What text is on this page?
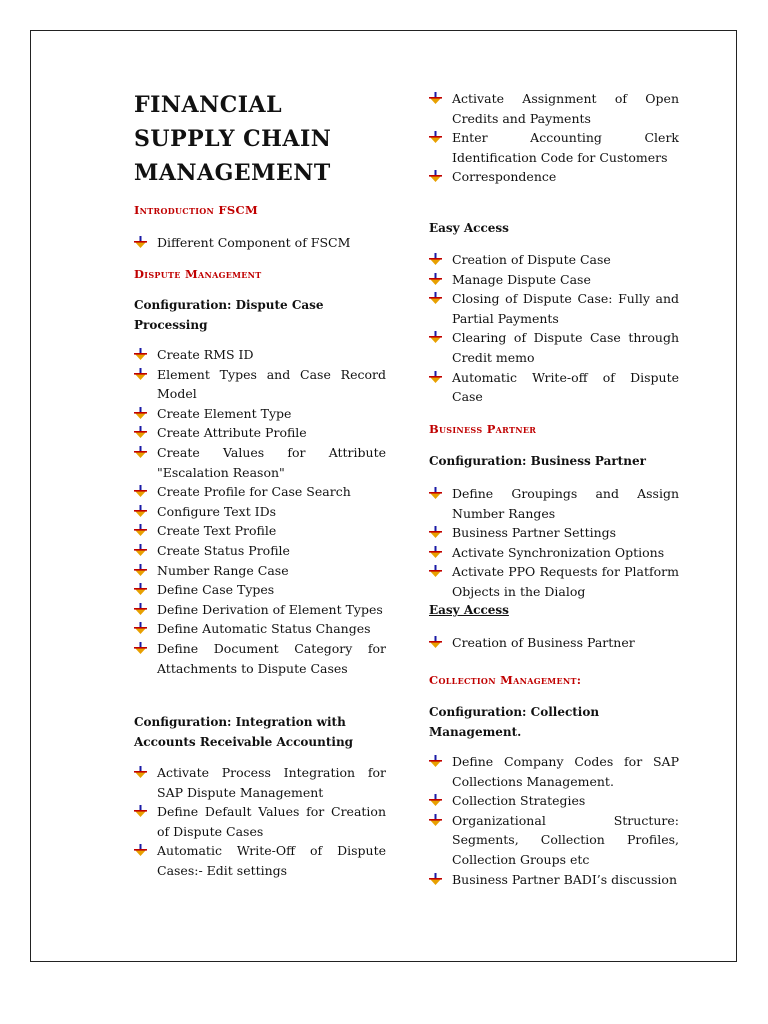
FINANCIAL
SUPPLY CHAIN
MANAGEMENT

Introduction FSCM

Different Component of FSCM

Dispute Management

Configuration: Dispute Case Processing

Create RMS ID
Element Types and Case Record Model
Create Element Type
Create Attribute Profile
Create Values for Attribute "Escalation Reason"
Create Profile for Case Search
Configure Text IDs
Create Text Profile
Create Status Profile
Number Range Case
Define Case Types
Define Derivation of Element Types
Define Automatic Status Changes
Define Document Category for Attachments to Dispute Cases

Configuration: Integration with Accounts Receivable Accounting

Activate Process Integration for SAP Dispute Management
Define Default Values for Creation of Dispute Cases
Automatic Write-Off of Dispute Cases:- Edit settings
Activate Assignment of Open Credits and Payments
Enter Accounting Clerk Identification Code for Customers
Correspondence

Easy Access

Creation of Dispute Case
Manage Dispute Case
Closing of Dispute Case: Fully and Partial Payments
Clearing of Dispute Case through Credit memo
Automatic Write-off of Dispute Case

Business Partner

Configuration: Business Partner

Define Groupings and Assign Number Ranges
Business Partner Settings
Activate Synchronization Options
Activate PPO Requests for Platform Objects in the Dialog

Easy Access

Creation of Business Partner

Collection Management:

Configuration: Collection Management.

Define Company Codes for SAP Collections Management.
Collection Strategies
Organizational Structure: Segments, Collection Profiles, Collection Groups etc
Business Partner BADI’s discussion
